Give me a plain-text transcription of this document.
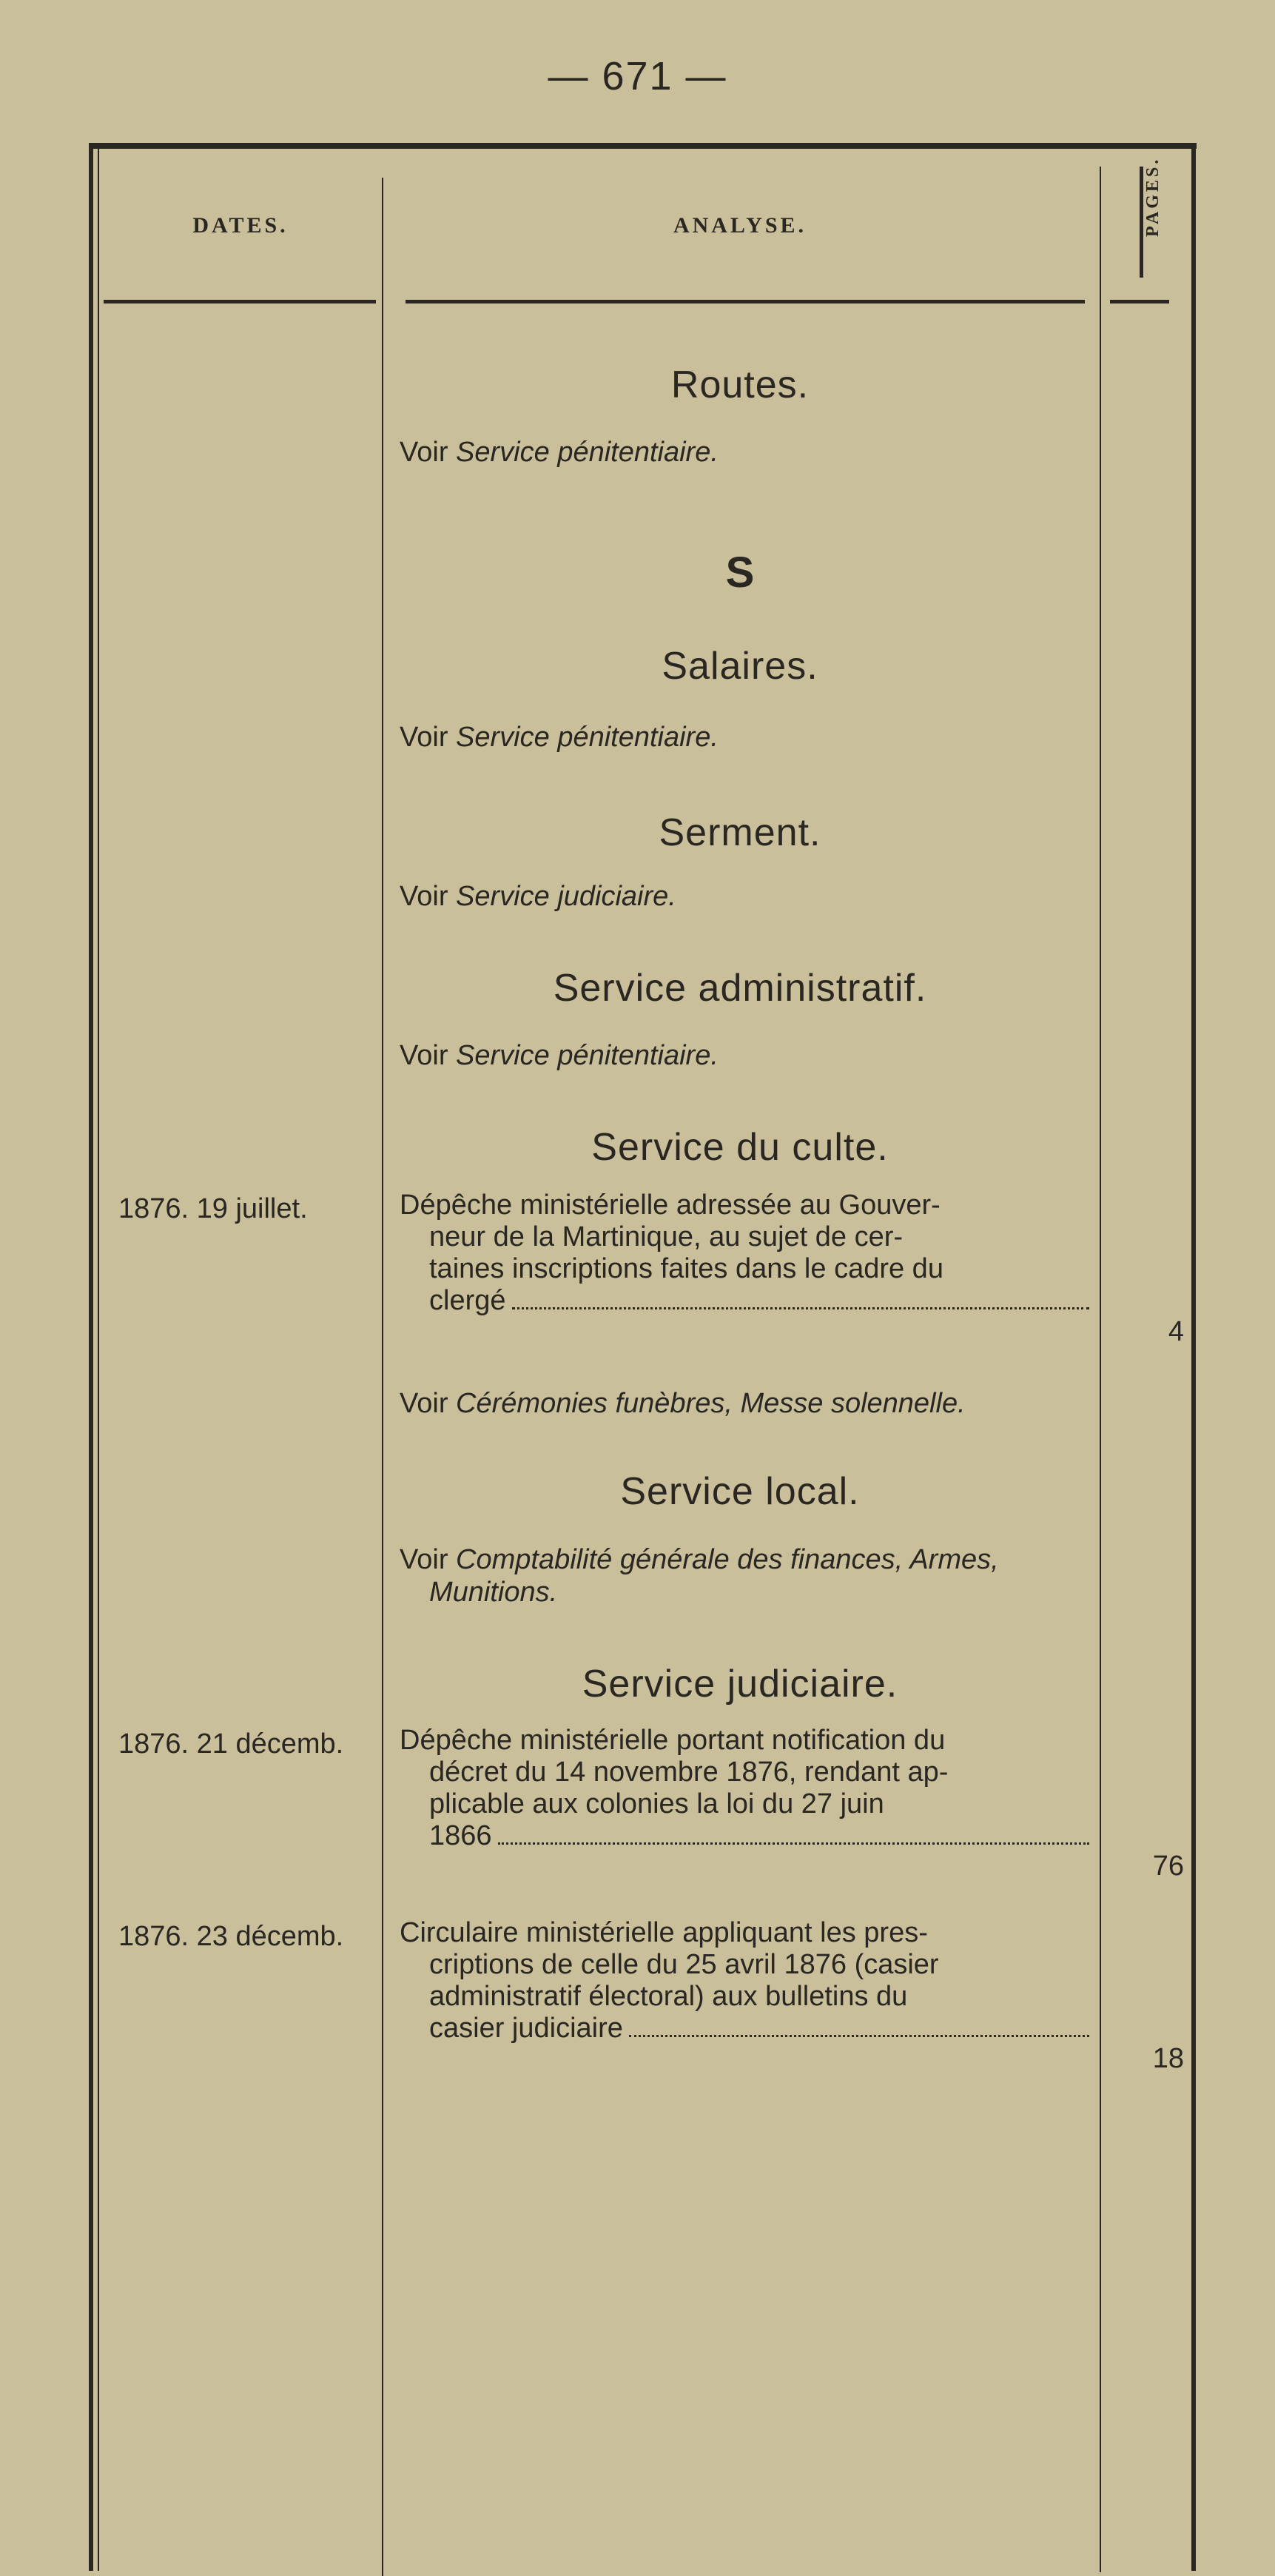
— 671 —
DATES.	ANALYSE.	PAGES.
Routes.
Voir Service pénitentiaire.
S
Salaires.
Voir Service pénitentiaire.
Serment.
Voir Service judiciaire.
Service administratif.
Voir Service pénitentiaire.
Service du culte.
1876. 19 juillet.	Dépêche ministérielle adressée au Gouver-
neur de la Martinique, au sujet de cer-
taines inscriptions faites dans le cadre du
clergé
4
Voir Cérémonies funèbres, Messe solennelle.
Service local.
Voir Comptabilité générale des finances, Armes,
Munitions.
Service judiciaire.
1876. 21 décemb.	Dépêche ministérielle portant notification du
décret du 14 novembre 1876, rendant ap-
plicable aux colonies la loi du 27 juin
1866
76
1876. 23 décemb.	Circulaire ministérielle appliquant les pres-
criptions de celle du 25 avril 1876 (casier
administratif électoral) aux bulletins du
casier judiciaire
18
